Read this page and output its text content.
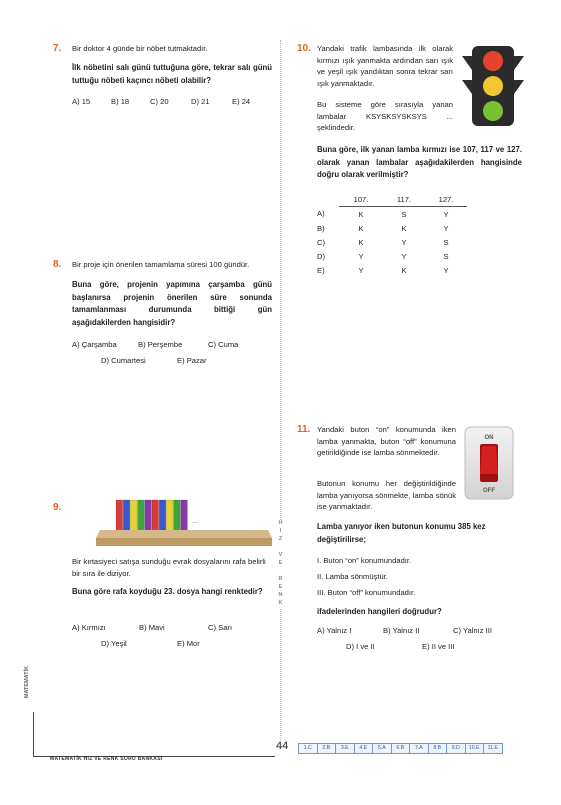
7. Bir doktor 4 günde bir nöbet tutmaktadır.
İlk nöbetini salı günü tuttuğuna göre, tekrar salı günü tuttuğu nöbeti kaçıncı nöbeti olabilir?
A) 15	B) 18	C) 20	D) 21	E) 24
8. Bir proje için önerilen tamamlama süresi 100 gündür.
Buna göre, projenin yapımına çarşamba günü başlanırsa projenin önerilen süre sonunda tamamlanması durumunda bittiği gün aşağıdakilerden hangisidir?
A) Çarşamba	B) Perşembe	C) Cuma
D) Cumartesi	E) Pazar
9.
...
Bir kırtasiyeci satışa sunduğu evrak dosyalarını rafa belirli bir sıra ile diziyor.
Buna göre rafa koyduğu 23. dosya hangi renktedir?
A) Kırmızı	B) Mavi	C) Sarı
D) Yeşil	E) Mor
H
I
Z

V
E

R
E
N
K
10. Yandaki trafik lambasında ilk olarak kırmızı ışık yanmakta ardından sarı ışık ve yeşil ışık yandıktan sonra tekrar sarı ışık yanmaktadır.
Bu sisteme göre sırasıyla yanan lambalar KSYSKSYSKSYS ... şeklindedir.
Buna göre, ilk yanan lamba kırmızı ise 107, 117 ve 127. olarak yanan lambalar aşağıdakilerden hangisinde doğru olarak verilmiştir?
	107.	117.	127.
A)	K	S	Y
B)	K	K	Y
C)	K	Y	S
D)	Y	Y	S
E)	Y	K	Y
11. Yandaki buton “on” konumunda iken lamba yanmakta, buton “off” konumuna getirildiğinde ise lamba sönmektedir.
Butonun konumu her değiştirildiğinde lamba yanıyorsa sönmekte, lamba sönük ise yanmaktadır.
ON
OFF
Lamba yanıyor iken butonun konumu 385 kez değiştirilirse;
I. Buton “on” konumundadır.
II. Lamba sönmüştür.
III. Buton “off” konumundadır.
ifadelerinden hangileri doğrudur?
A) Yalnız I	B) Yalnız II	C) Yalnız III
D) I ve II	E) II ve III
MATEMATİK
MATEMATİK HIZ VE RENK SORU BANKASI
44	1.C	2.B	3.E	4.E	5.A	6.B	7.A	8.B	9.D	10.E	11.E
